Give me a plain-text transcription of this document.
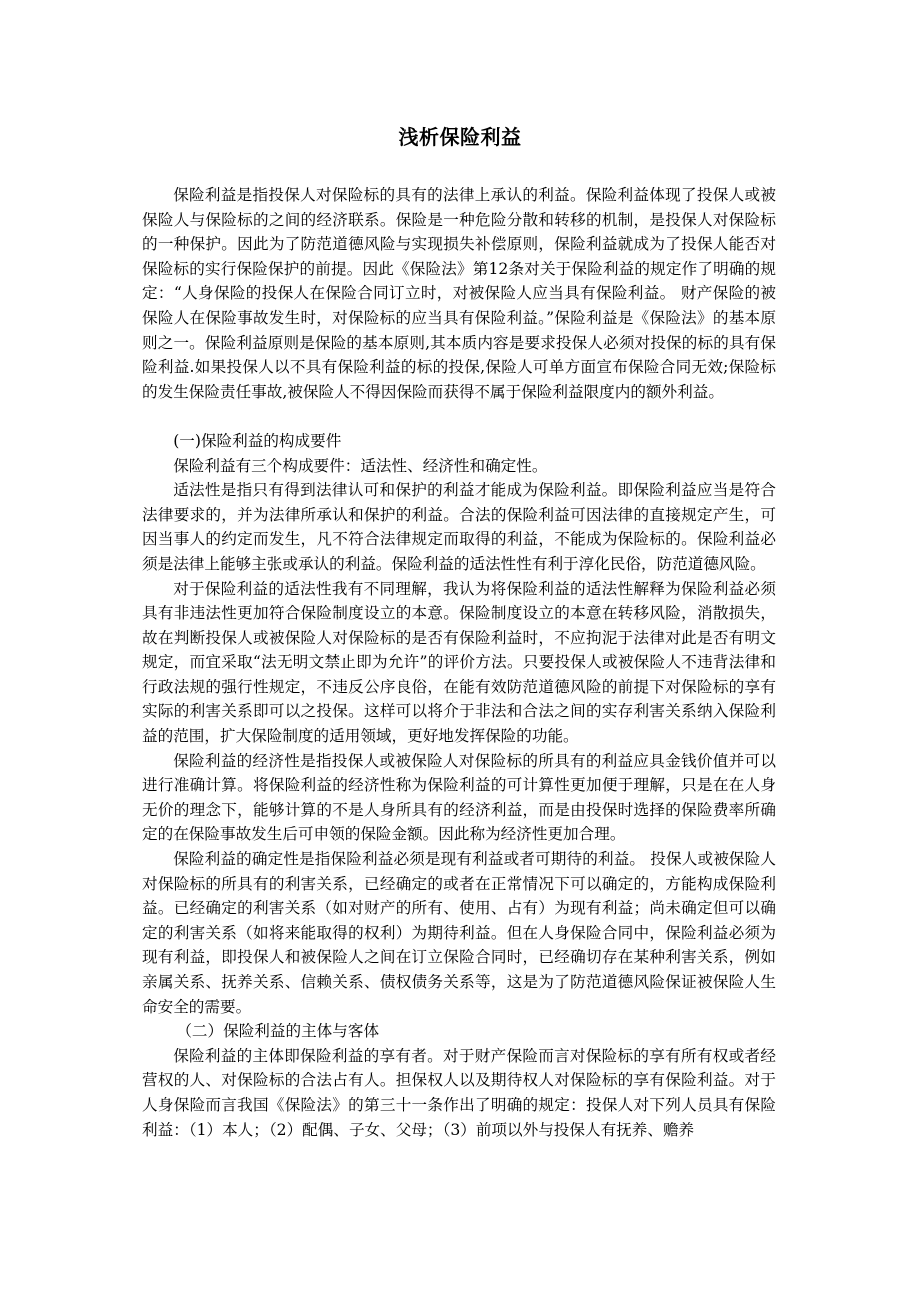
浅析保险利益

保险利益是指投保人对保险标的具有的法律上承认的利益。保险利益体现了投保人或被保险人与保险标的之间的经济联系。保险是一种危险分散和转移的机制，是投保人对保险标的一种保护。因此为了防范道德风险与实现损失补偿原则，保险利益就成为了投保人能否对保险标的实行保险保护的前提。因此《保险法》第12条对关于保险利益的规定作了明确的规定：“人身保险的投保人在保险合同订立时，对被保险人应当具有保险利益。 财产保险的被保险人在保险事故发生时，对保险标的应当具有保险利益。”保险利益是《保险法》的基本原则之一。保险利益原则是保险的基本原则,其本质内容是要求投保人必须对投保的标的具有保险利益.如果投保人以不具有保险利益的标的投保,保险人可单方面宣布保险合同无效;保险标的发生保险责任事故,被保险人不得因保险而获得不属于保险利益限度内的额外利益。

(一)保险利益的构成要件

保险利益有三个构成要件：适法性、经济性和确定性。

适法性是指只有得到法律认可和保护的利益才能成为保险利益。即保险利益应当是符合法律要求的，并为法律所承认和保护的利益。合法的保险利益可因法律的直接规定产生，可因当事人的约定而发生，凡不符合法律规定而取得的利益，不能成为保险标的。保险利益必须是法律上能够主张或承认的利益。保险利益的适法性性有利于淳化民俗，防范道德风险。

对于保险利益的适法性我有不同理解，我认为将保险利益的适法性解释为保险利益必须具有非违法性更加符合保险制度设立的本意。保险制度设立的本意在转移风险，消散损失，故在判断投保人或被保险人对保险标的是否有保险利益时，不应拘泥于法律对此是否有明文规定，而宜采取“法无明文禁止即为允许”的评价方法。只要投保人或被保险人不违背法律和行政法规的强行性规定，不违反公序良俗，在能有效防范道德风险的前提下对保险标的享有实际的利害关系即可以之投保。这样可以将介于非法和合法之间的实存利害关系纳入保险利益的范围，扩大保险制度的适用领域，更好地发挥保险的功能。

保险利益的经济性是指投保人或被保险人对保险标的所具有的利益应具金钱价值并可以进行准确计算。将保险利益的经济性称为保险利益的可计算性更加便于理解，只是在在人身无价的理念下，能够计算的不是人身所具有的经济利益，而是由投保时选择的保险费率所确定的在保险事故发生后可申领的保险金额。因此称为经济性更加合理。

保险利益的确定性是指保险利益必须是现有利益或者可期待的利益。 投保人或被保险人对保险标的所具有的利害关系，已经确定的或者在正常情况下可以确定的，方能构成保险利益。已经确定的利害关系（如对财产的所有、使用、占有）为现有利益；尚未确定但可以确定的利害关系（如将来能取得的权利）为期待利益。但在人身保险合同中，保险利益必须为现有利益，即投保人和被保险人之间在订立保险合同时，已经确切存在某种利害关系，例如亲属关系、抚养关系、信赖关系、债权债务关系等，这是为了防范道德风险保证被保险人生命安全的需要。

（二）保险利益的主体与客体

保险利益的主体即保险利益的享有者。对于财产保险而言对保险标的享有所有权或者经营权的人、对保险标的合法占有人。担保权人以及期待权人对保险标的享有保险利益。对于人身保险而言我国《保险法》的第三十一条作出了明确的规定：投保人对下列人员具有保险利益：（1）本人；（2）配偶、子女、父母；（3）前项以外与投保人有抚养、赡养
